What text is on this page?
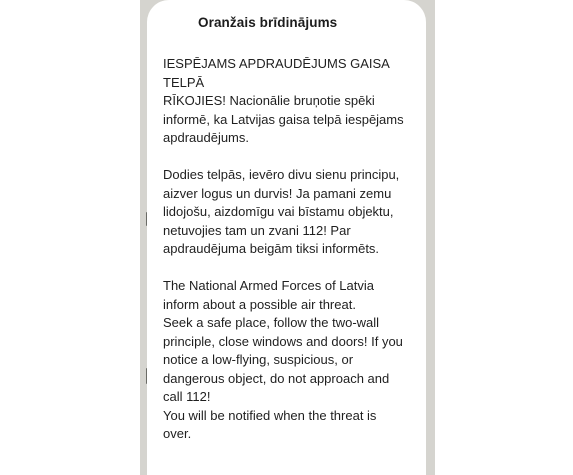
Oranžais brīdinājums

IESPĒJAMS APDRAUDĒJUMS GAISA TELPĀ

RĪKOJIES! Nacionālie bruņotie spēki informē, ka Latvijas gaisa telpā iespējams apdraudējums.

Dodies telpās, ievēro divu sienu principu, aizver logus un durvis! Ja pamani zemu lidojošu, aizdomīgu vai bīstamu objektu, netuvojies tam un zvani 112! Par apdraudējuma beigām tiksi informēts.

The National Armed Forces of Latvia inform about a possible air threat.

Seek a safe place, follow the two-wall principle, close windows and doors! If you notice a low-flying, suspicious, or dangerous object, do not approach and call 112!

You will be notified when the threat is over.
